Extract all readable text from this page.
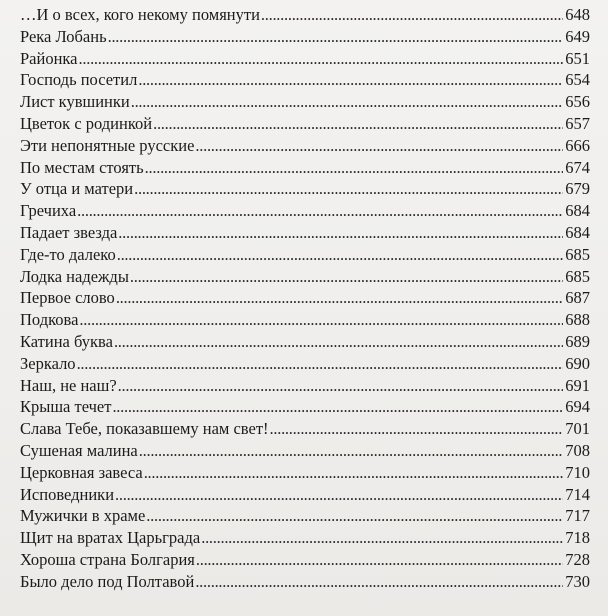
…И о всех, кого некому помянути . . .	648
Река Лобань . . .	649
Районка . . .	651
Господь посетил . . .	654
Лист кувшинки . . .	656
Цветок с родинкой . . .	657
Эти непонятные русские . . .	666
По местам стоять . . .	674
У отца и матери . . .	679
Гречиха . . .	684
Падает звезда . . .	684
Где-то далеко . . .	685
Лодка надежды . . .	685
Первое слово . . .	687
Подкова . . .	688
Катина буква . . .	689
Зеркало . . .	690
Наш, не наш? . . .	691
Крыша течет . . .	694
Слава Тебе, показавшему нам свет! . . .	701
Сушеная малина . . .	708
Церковная завеса . . .	710
Исповедники . . .	714
Мужички в храме . . .	717
Щит на вратах Царьграда . . .	718
Хороша страна Болгария . . .	728
Было дело под Полтавой . . .	730
